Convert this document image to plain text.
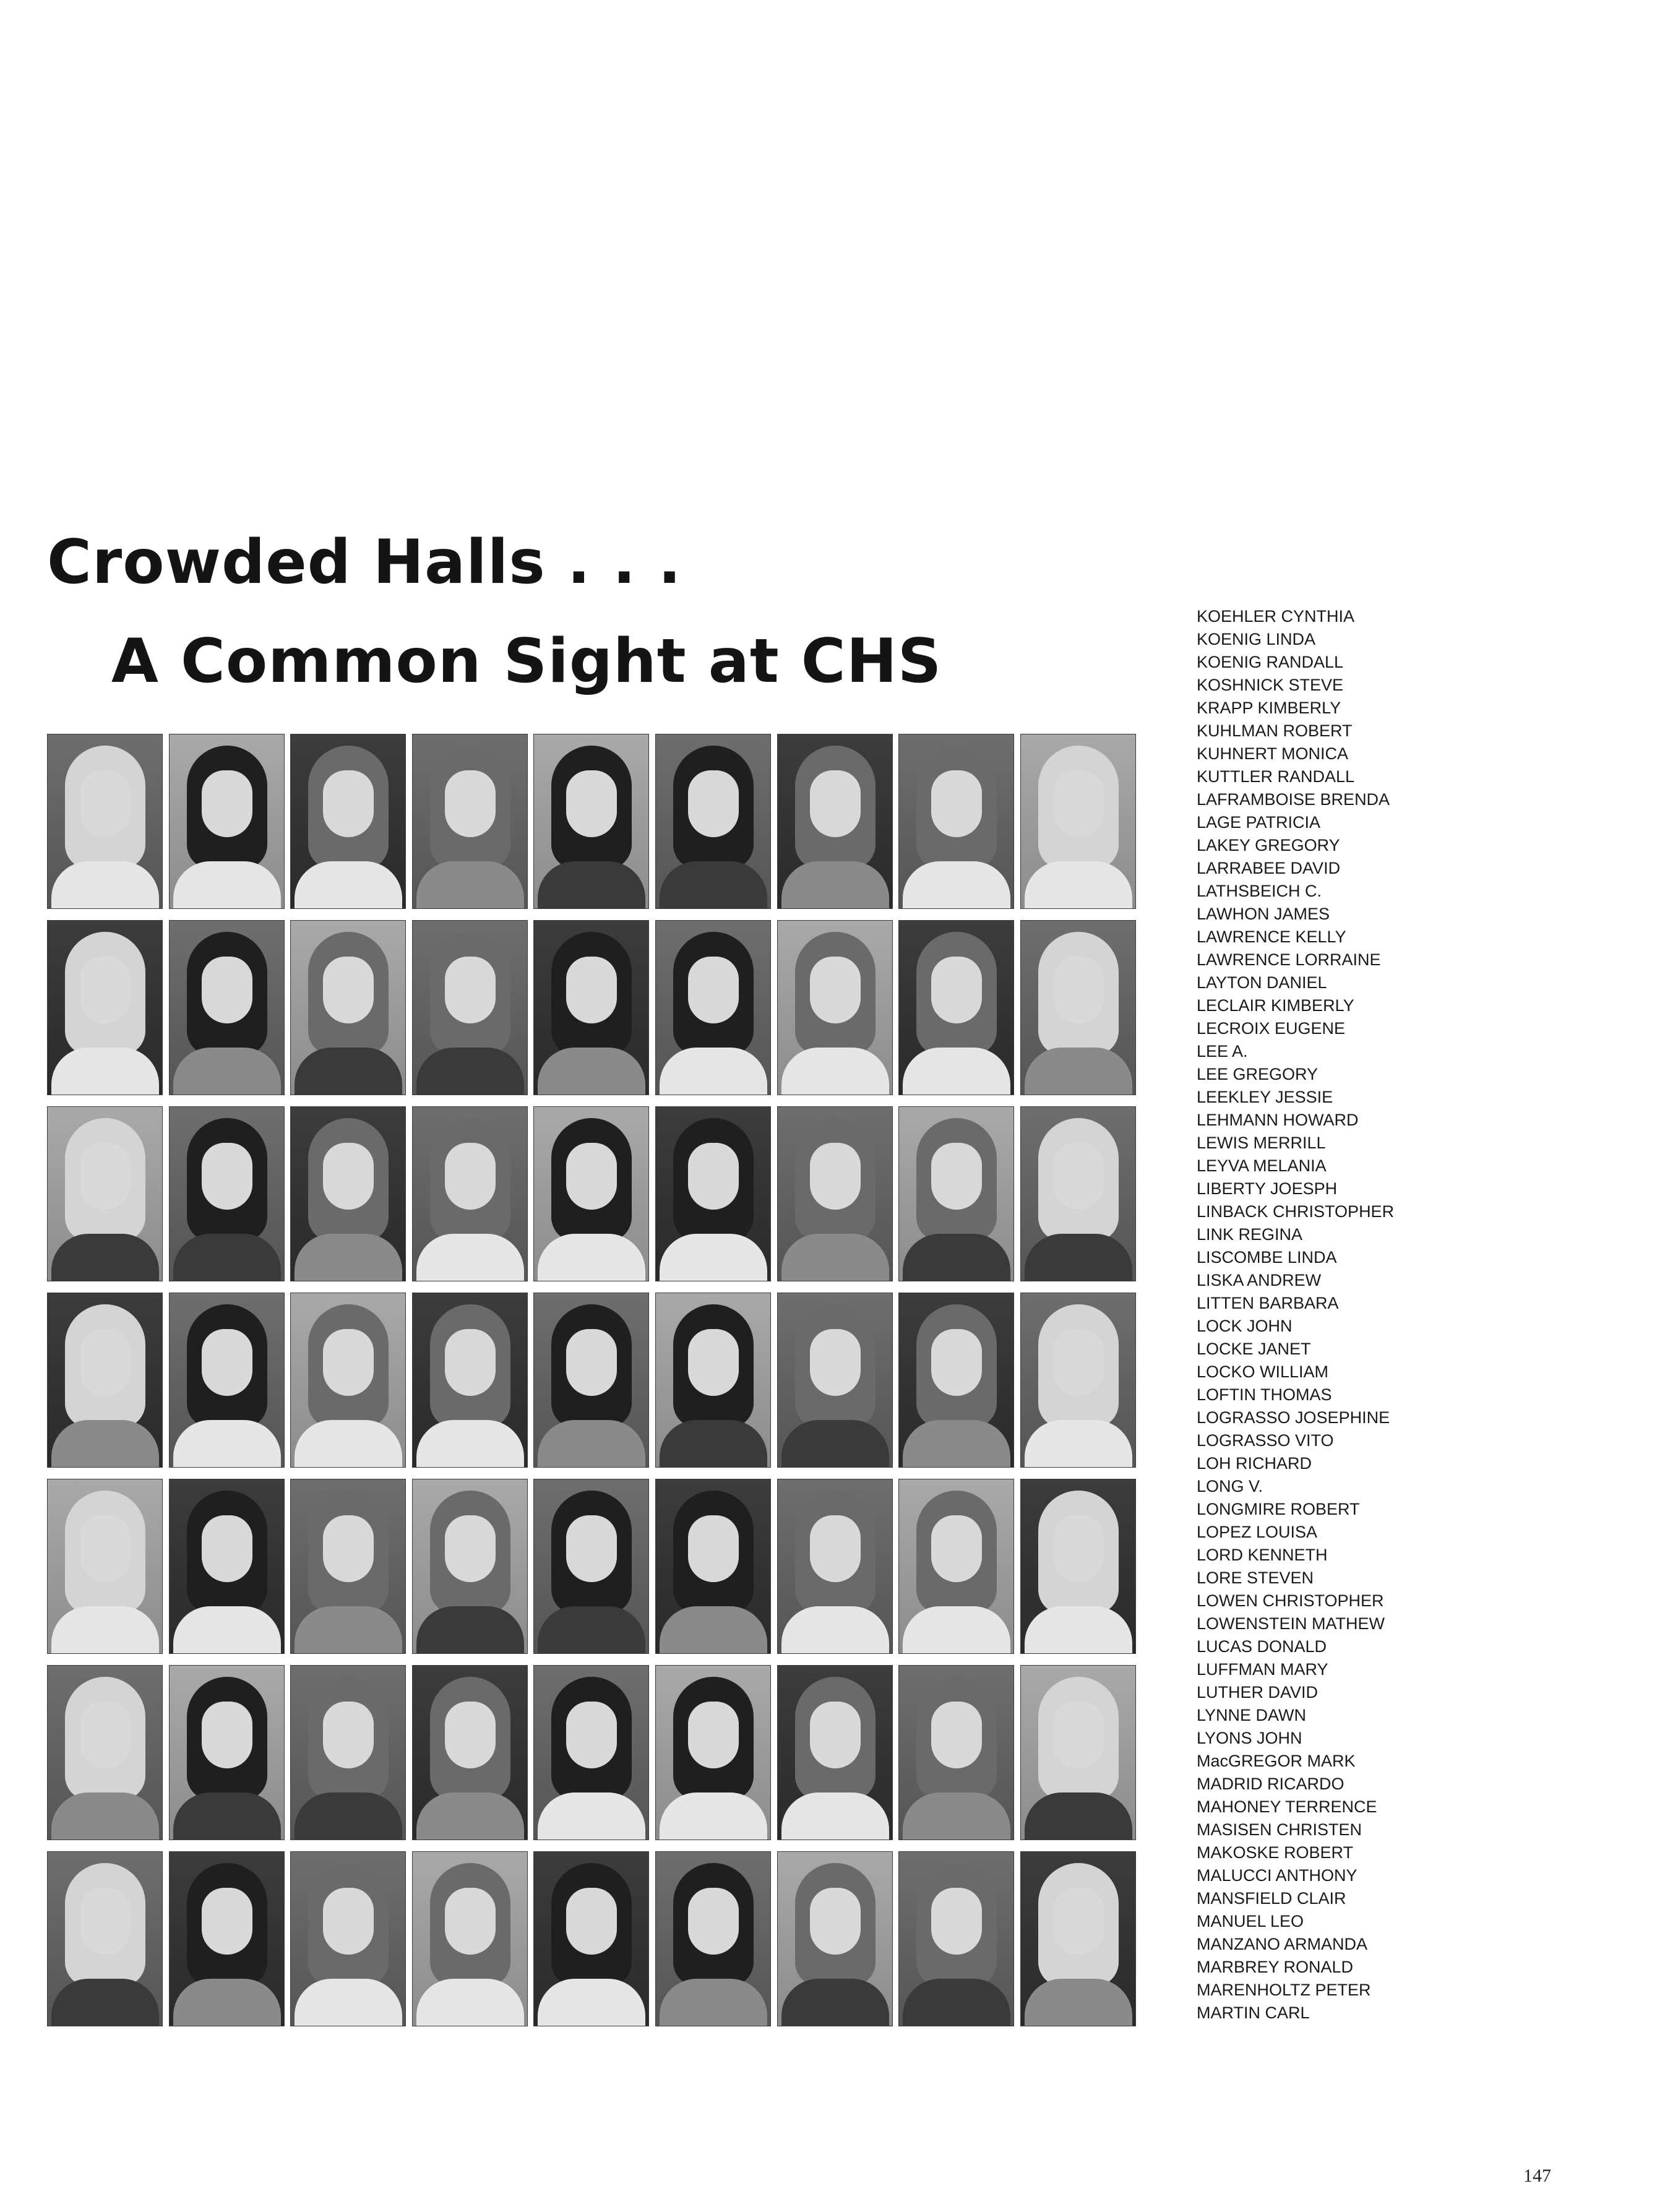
Crowded Halls . . .
A Common Sight at CHS
KOEHLER CYNTHIA
KOENIG LINDA
KOENIG RANDALL
KOSHNICK STEVE
KRAPP KIMBERLY
KUHLMAN ROBERT
KUHNERT MONICA
KUTTLER RANDALL
LAFRAMBOISE BRENDA
LAGE PATRICIA
LAKEY GREGORY
LARRABEE DAVID
LATHSBEICH C.
LAWHON JAMES
LAWRENCE KELLY
LAWRENCE LORRAINE
LAYTON DANIEL
LECLAIR KIMBERLY
LECROIX EUGENE
LEE A.
LEE GREGORY
LEEKLEY JESSIE
LEHMANN HOWARD
LEWIS MERRILL
LEYVA MELANIA
LIBERTY JOESPH
LINBACK CHRISTOPHER
LINK REGINA
LISCOMBE LINDA
LISKA ANDREW
LITTEN BARBARA
LOCK JOHN
LOCKE JANET
LOCKO WILLIAM
LOFTIN THOMAS
LOGRASSO JOSEPHINE
LOGRASSO VITO
LOH RICHARD
LONG V.
LONGMIRE ROBERT
LOPEZ LOUISA
LORD KENNETH
LORE STEVEN
LOWEN CHRISTOPHER
LOWENSTEIN MATHEW
LUCAS DONALD
LUFFMAN MARY
LUTHER DAVID
LYNNE DAWN
LYONS JOHN
MacGREGOR MARK
MADRID RICARDO
MAHONEY TERRENCE
MASISEN CHRISTEN
MAKOSKE ROBERT
MALUCCI ANTHONY
MANSFIELD CLAIR
MANUEL LEO
MANZANO ARMANDA
MARBREY RONALD
MARENHOLTZ PETER
MARTIN CARL
147
